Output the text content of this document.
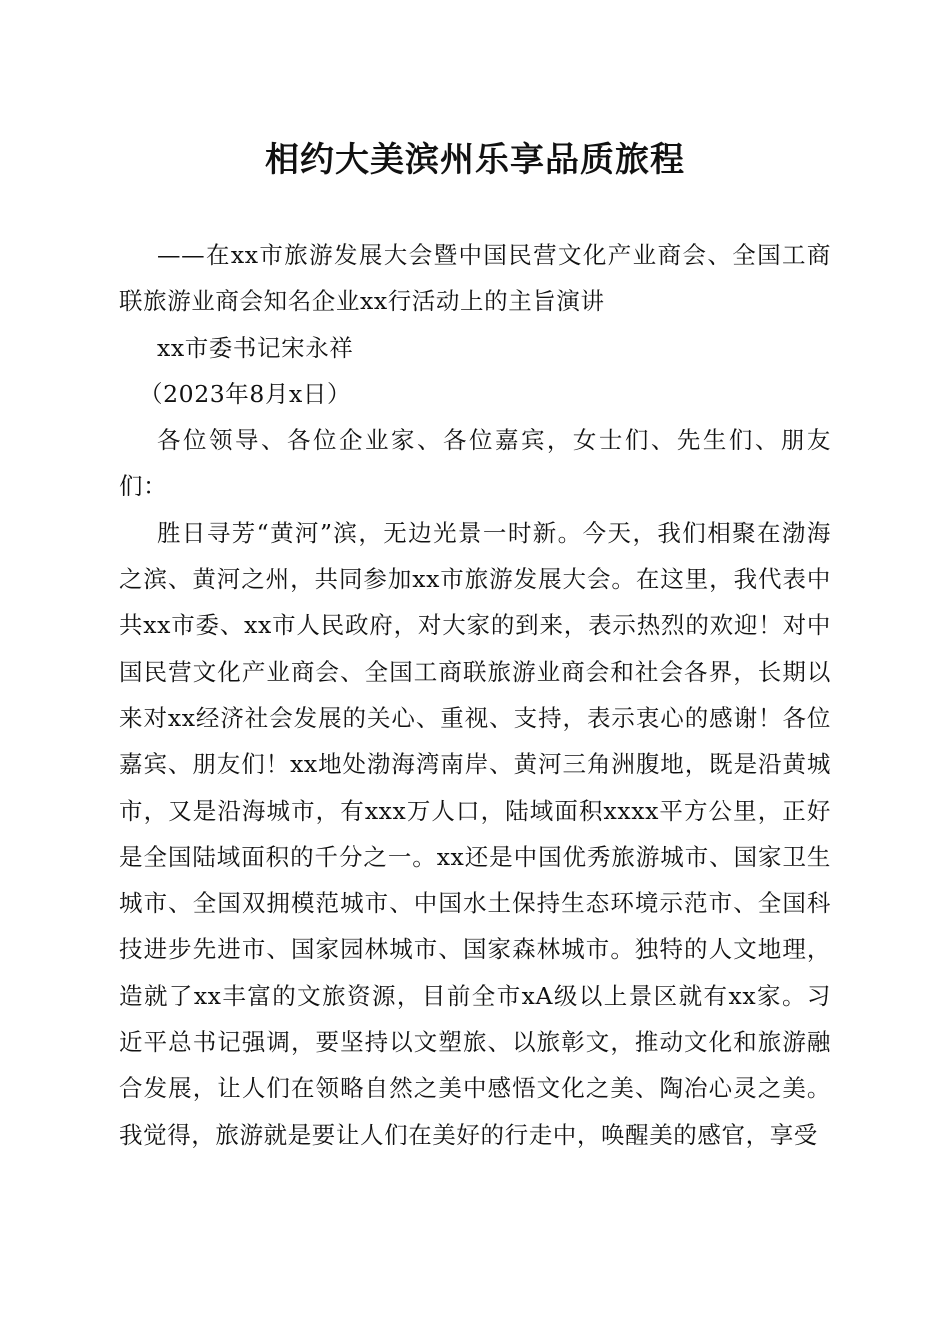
相约大美滨州乐享品质旅程

——在xx市旅游发展大会暨中国民营文化产业商会、全国工商联旅游业商会知名企业xx行活动上的主旨演讲

xx市委书记宋永祥

（2023年8月x日）

各位领导、各位企业家、各位嘉宾，女士们、先生们、朋友们：

胜日寻芳“黄河”滨，无边光景一时新。今天，我们相聚在渤海之滨、黄河之州，共同参加xx市旅游发展大会。在这里，我代表中共xx市委、xx市人民政府，对大家的到来，表示热烈的欢迎！对中国民营文化产业商会、全国工商联旅游业商会和社会各界，长期以来对xx经济社会发展的关心、重视、支持，表示衷心的感谢！各位嘉宾、朋友们！xx地处渤海湾南岸、黄河三角洲腹地，既是沿黄城市，又是沿海城市，有xxx万人口，陆域面积xxxx平方公里，正好是全国陆域面积的千分之一。xx还是中国优秀旅游城市、国家卫生城市、全国双拥模范城市、中国水土保持生态环境示范市、全国科技进步先进市、国家园林城市、国家森林城市。独特的人文地理，造就了xx丰富的文旅资源，目前全市xA级以上景区就有xx家。习近平总书记强调，要坚持以文塑旅、以旅彰文，推动文化和旅游融合发展，让人们在领略自然之美中感悟文化之美、陶冶心灵之美。我觉得，旅游就是要让人们在美好的行走中，唤醒美的感官，享受
